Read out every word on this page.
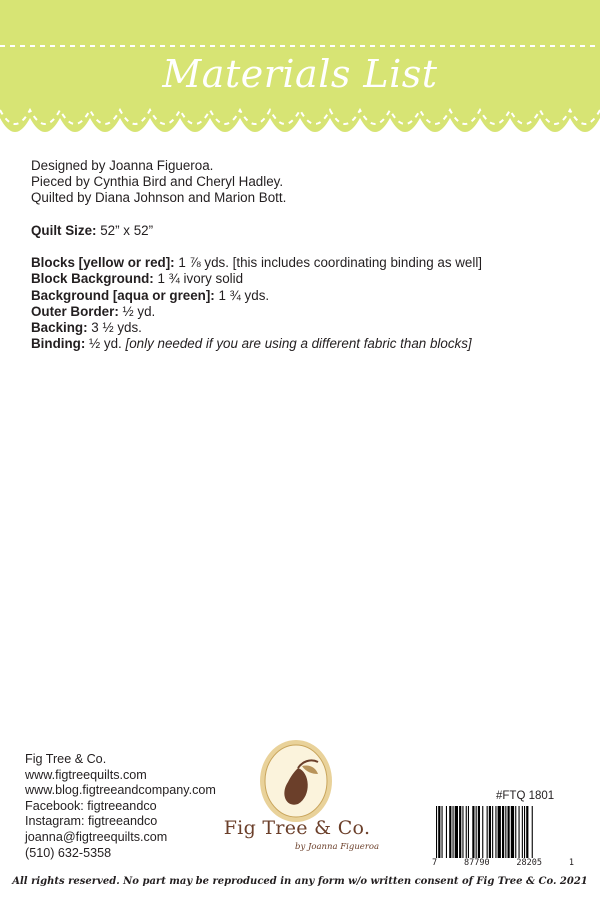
Materials List
Designed by Joanna Figueroa.
Pieced by Cynthia Bird and Cheryl Hadley.
Quilted by Diana Johnson and Marion Bott.
Quilt Size: 52” x 52”
Blocks [yellow or red]: 1 ⅞ yds. [this includes coordinating binding as well]
Block Background: 1 ¾ ivory solid
Background [aqua or green]: 1 ¾ yds.
Outer Border: ½ yd.
Backing: 3 ½ yds.
Binding: ½ yd. [only needed if you are using a different fabric than blocks]
Fig Tree & Co.
www.figtreequilts.com
www.blog.figtreeandcompany.com
Facebook: figtreeandco
Instagram: figtreeandco
joanna@figtreequilts.com
(510) 632-5358
Fig Tree & Co.
by Joanna Figueroa
#FTQ 1801
7	87790	28205	1
All rights reserved. No part may be reproduced in any form w/o written consent of Fig Tree & Co. 2021
